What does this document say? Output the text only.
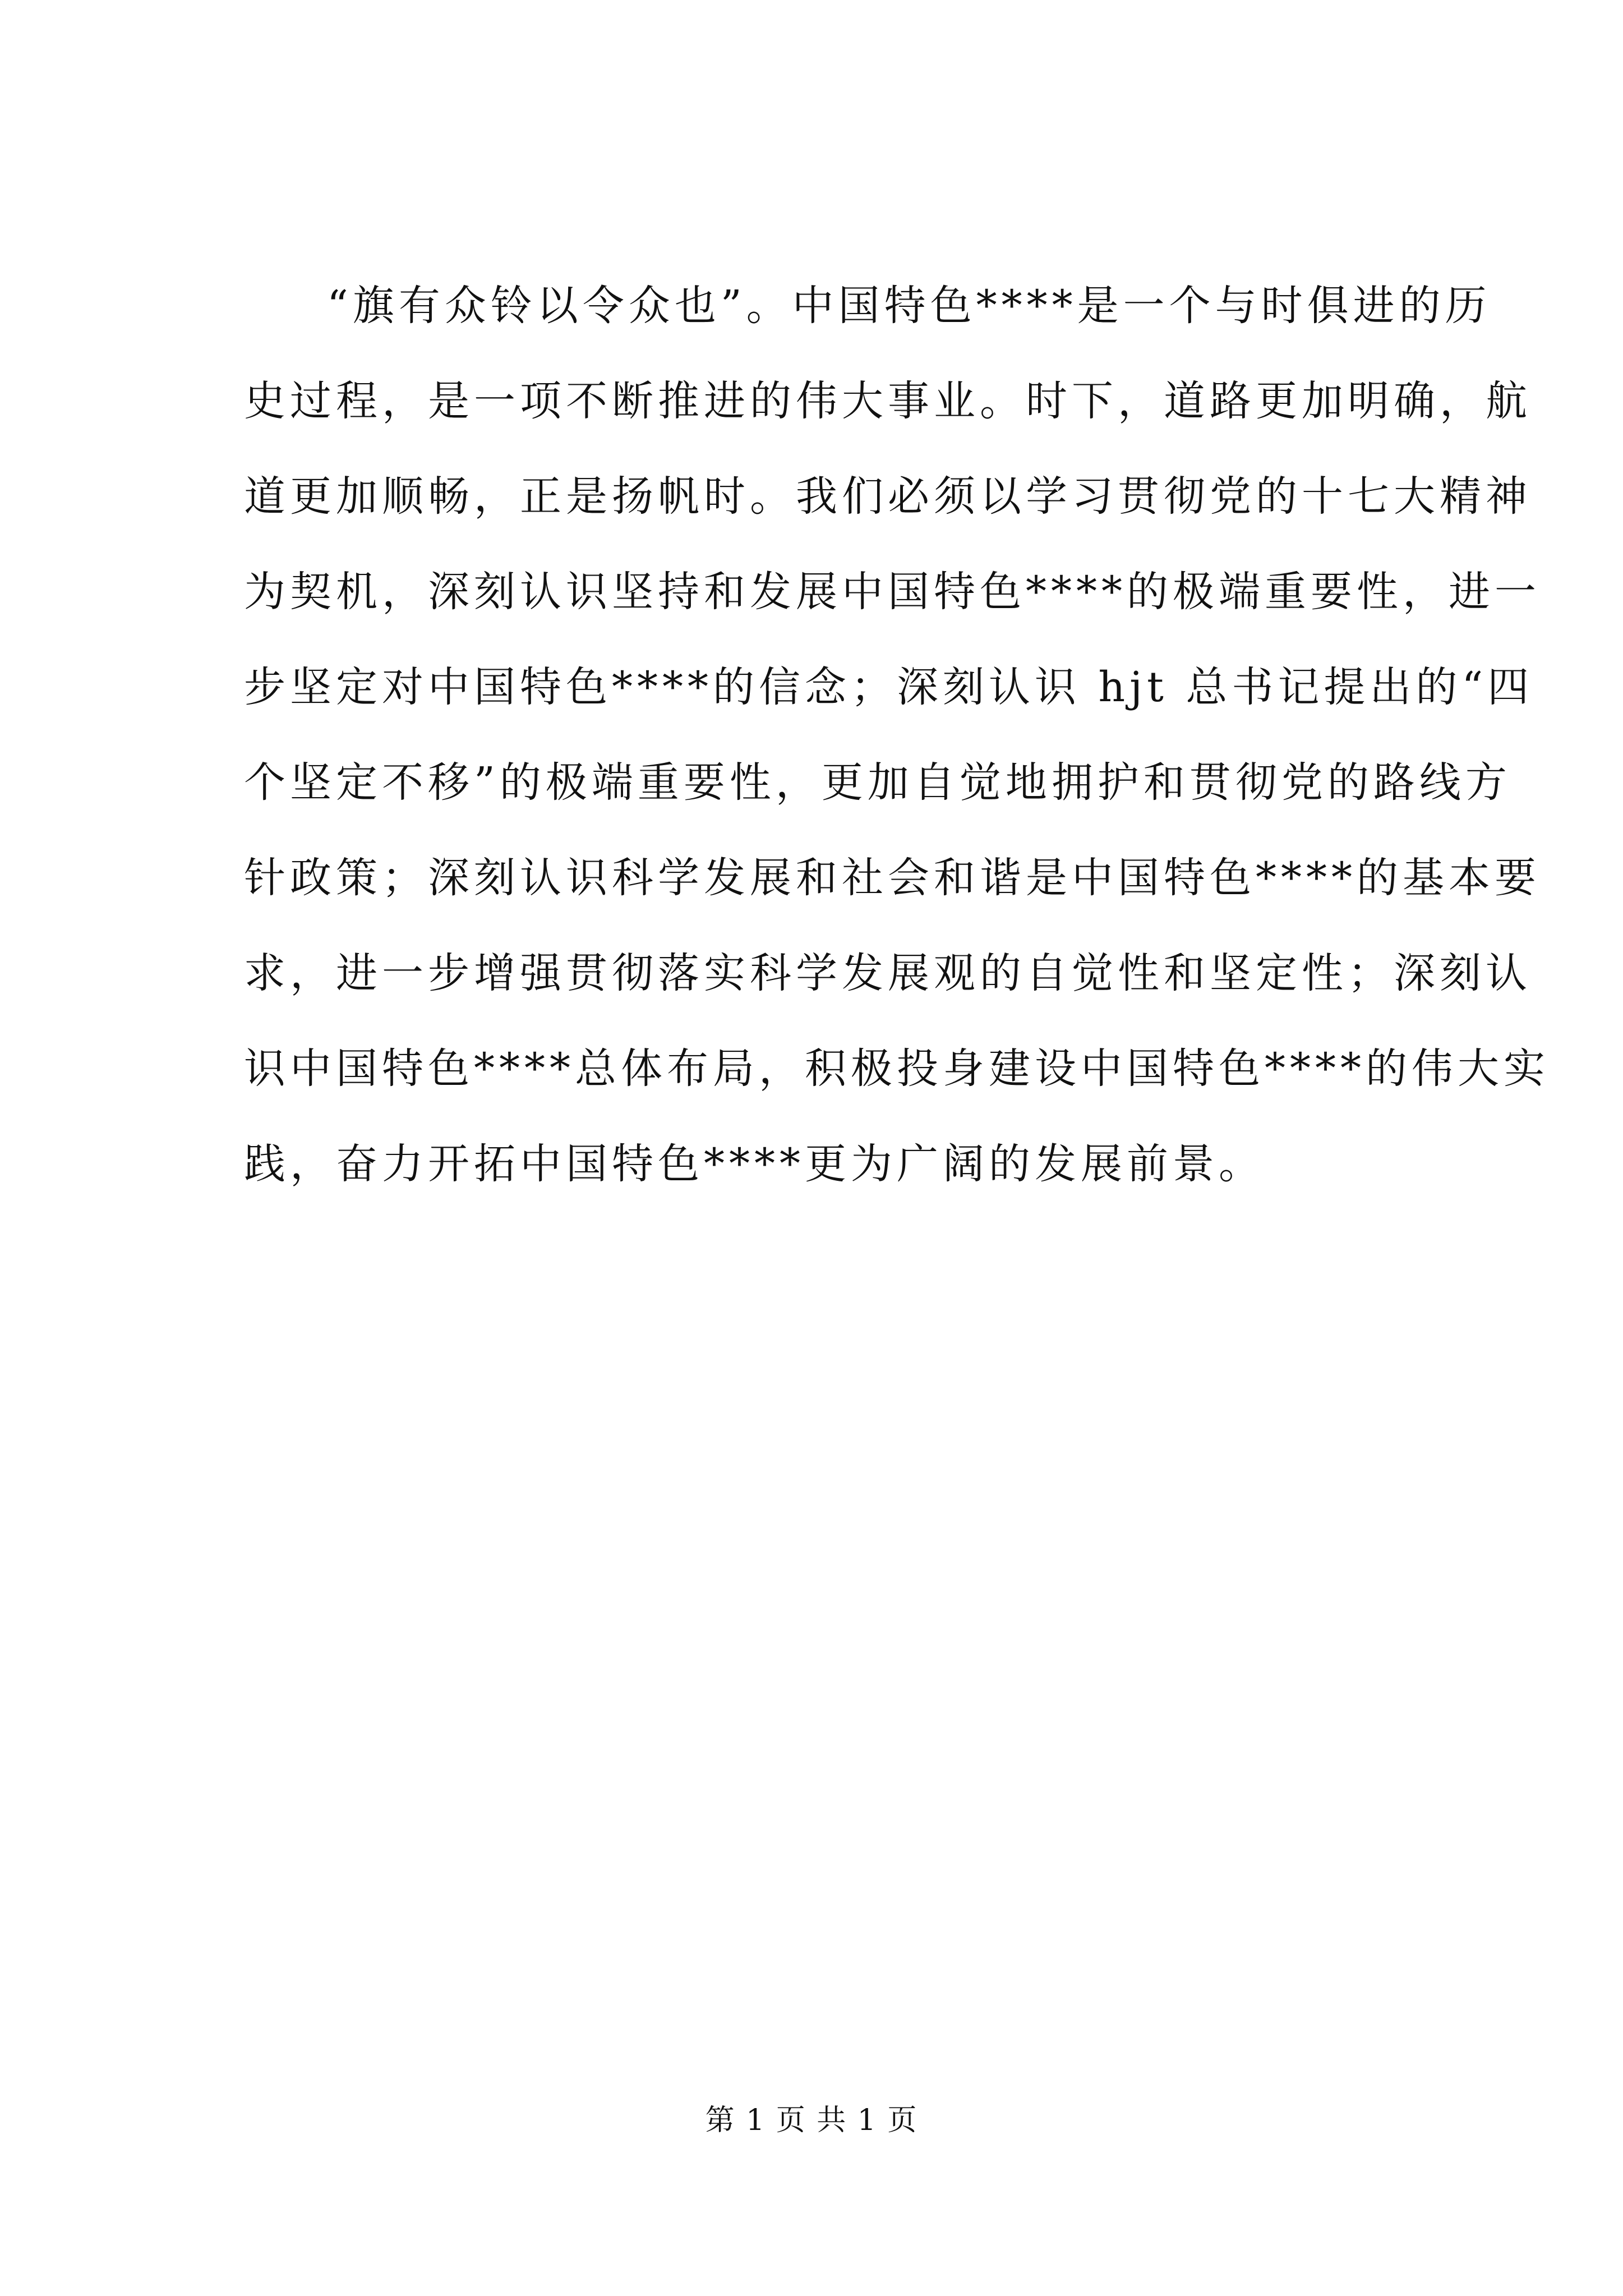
“旗有众铃以令众也”。中国特色****是一个与时俱进的历
史过程，是一项不断推进的伟大事业。时下，道路更加明确，航
道更加顺畅，正是扬帆时。我们必须以学习贯彻党的十七大精神
为契机，深刻认识坚持和发展中国特色****的极端重要性，进一
步坚定对中国特色****的信念；深刻认识 hjt 总书记提出的“四
个坚定不移”的极端重要性，更加自觉地拥护和贯彻党的路线方
针政策；深刻认识科学发展和社会和谐是中国特色****的基本要
求，进一步增强贯彻落实科学发展观的自觉性和坚定性；深刻认
识中国特色****总体布局，积极投身建设中国特色****的伟大实
践，奋力开拓中国特色****更为广阔的发展前景。
第 1 页 共 1 页
